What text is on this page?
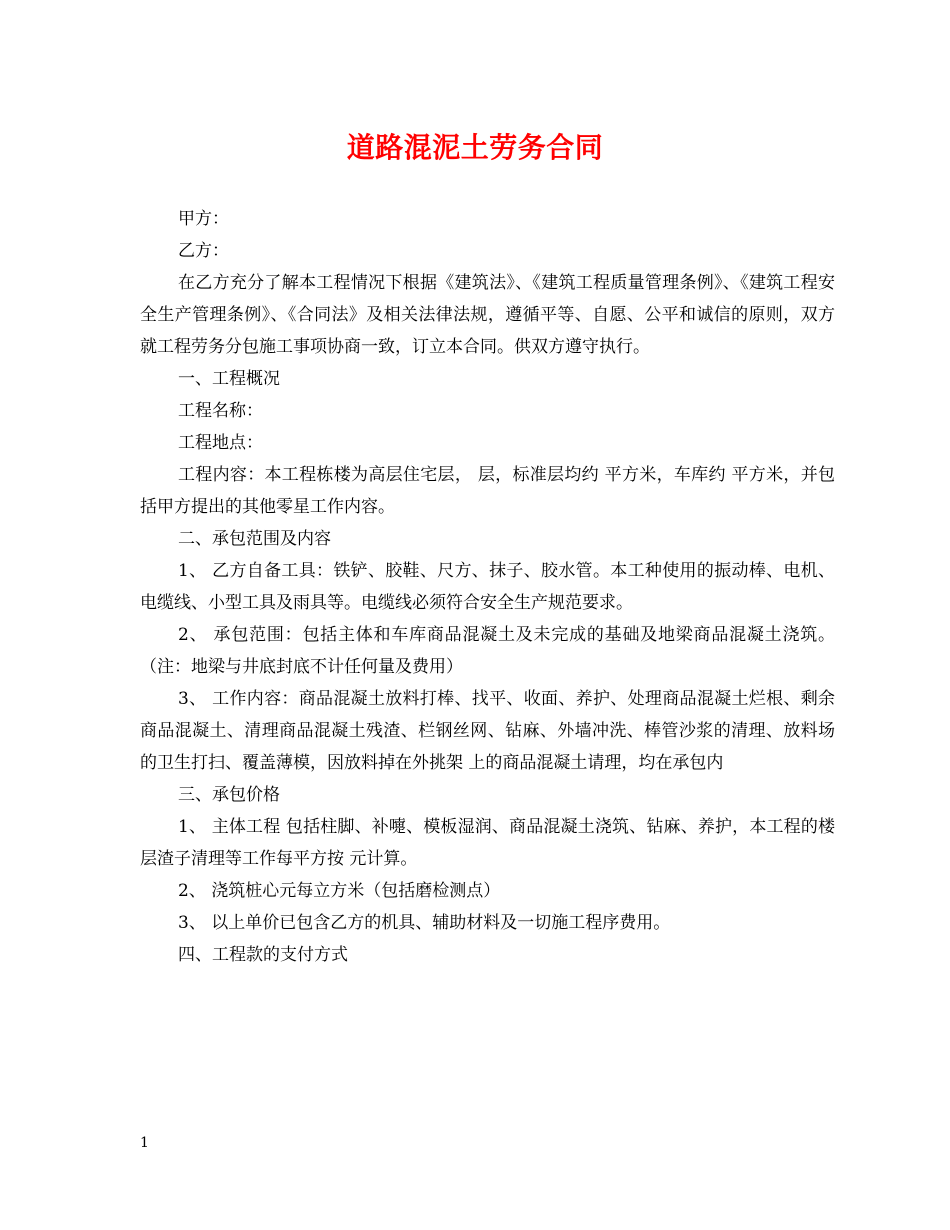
道路混泥土劳务合同

甲方：

乙方：

在乙方充分了解本工程情况下根据《建筑法》、《建筑工程质量管理条例》、《建筑工程安全生产管理条例》、《合同法》及相关法律法规，遵循平等、自愿、公平和诚信的原则，双方就工程劳务分包施工事项协商一致，订立本合同。供双方遵守执行。

一、工程概况

工程名称：

工程地点：

工程内容：本工程栋楼为高层住宅层， 层，标准层均约 平方米，车库约 平方米，并包括甲方提出的其他零星工作内容。

二、承包范围及内容

1、 乙方自备工具：铁铲、胶鞋、尺方、抹子、胶水管。本工种使用的振动棒、电机、电缆线、小型工具及雨具等。电缆线必须符合安全生产规范要求。

2、 承包范围：包括主体和车库商品混凝土及未完成的基础及地梁商品混凝土浇筑。（注：地梁与井底封底不计任何量及费用）

3、 工作内容：商品混凝土放料打棒、找平、收面、养护、处理商品混凝土烂根、剩余商品混凝土、清理商品混凝土残渣、栏钢丝网、钻麻、外墙冲洗、棒管沙浆的清理、放料场的卫生打扫、覆盖薄模，因放料掉在外挑架 上的商品混凝土请理，均在承包内

三、承包价格

1、 主体工程 包括柱脚、补嚏、模板湿润、商品混凝土浇筑、钻麻、养护，本工程的楼层渣子清理等工作每平方按 元计算。

2、 浇筑桩心元每立方米（包括磨检测点）

3、 以上单价已包含乙方的机具、辅助材料及一切施工程序费用。

四、工程款的支付方式

1
